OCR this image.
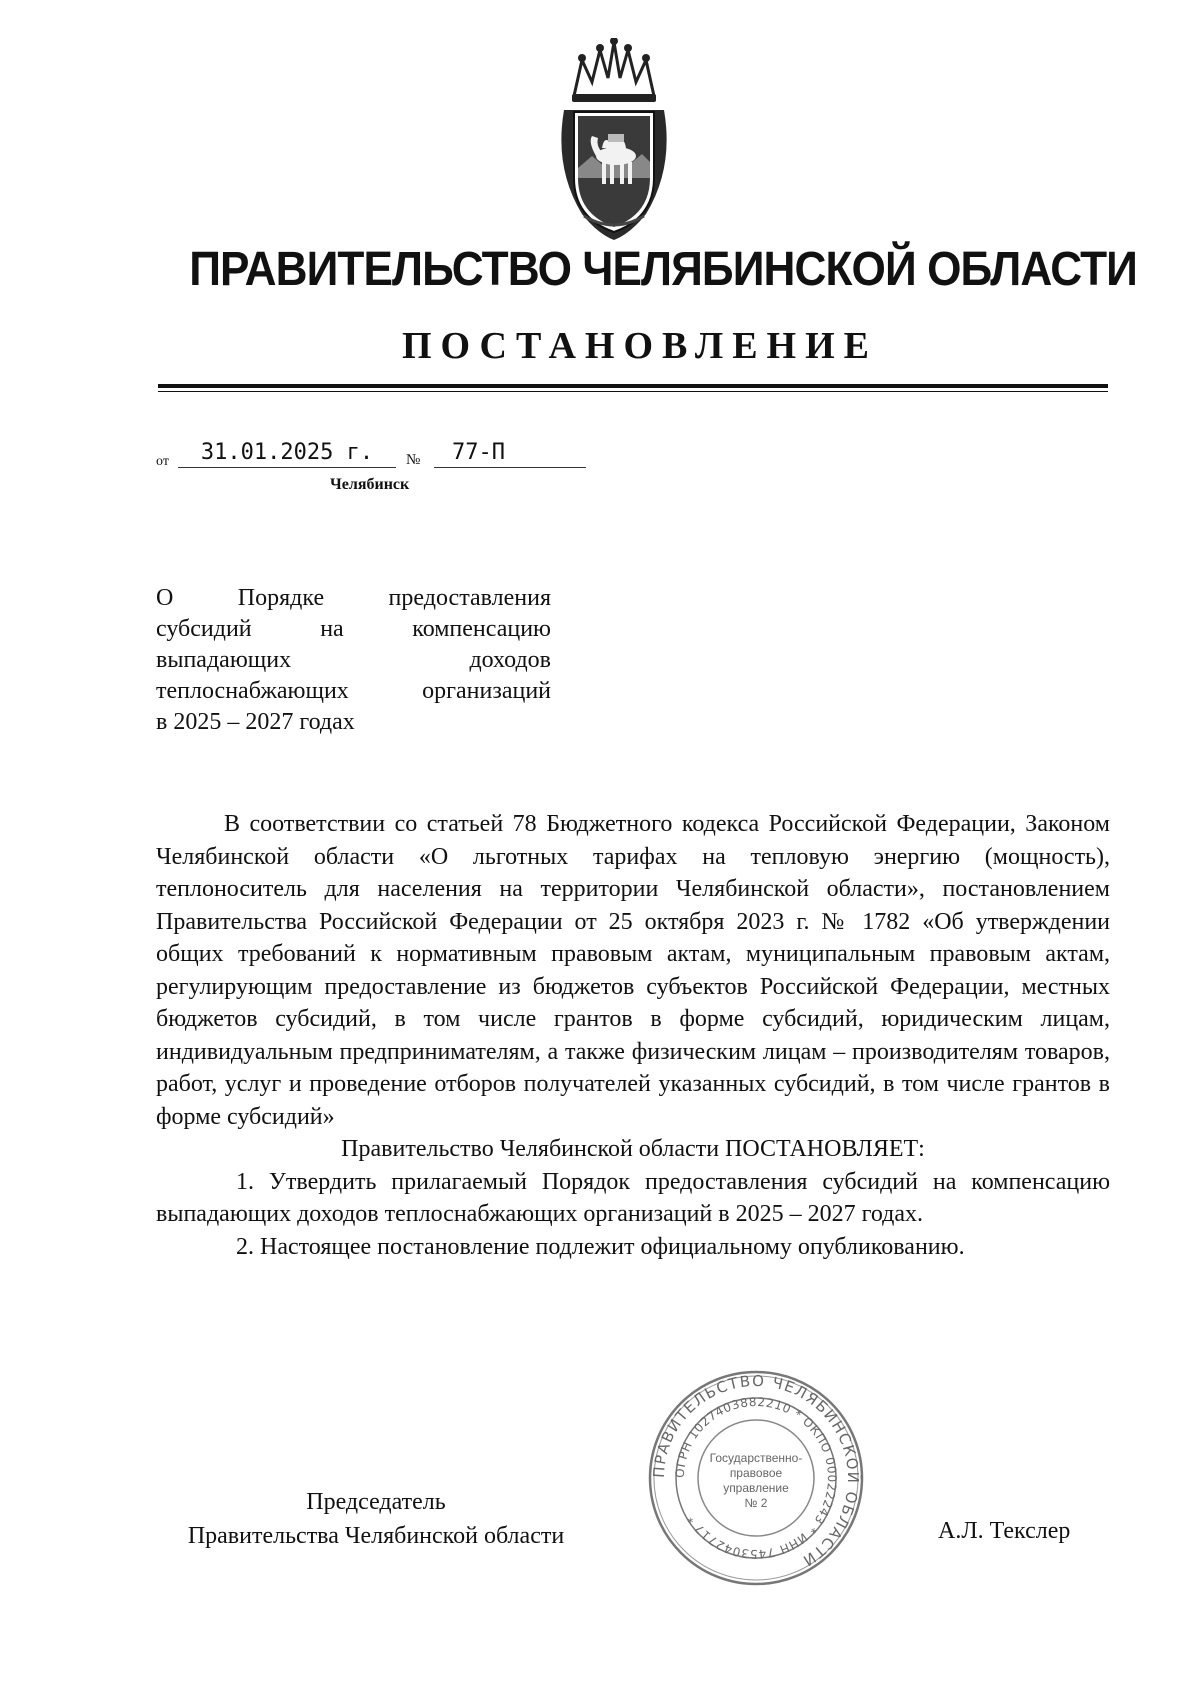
ПРАВИТЕЛЬСТВО ЧЕЛЯБИНСКОЙ ОБЛАСТИ
ПОСТАНОВЛЕНИЕ
от	31.01.2025 г.	№	77-П
Челябинск
О Порядке предоставления
субсидий на компенсацию
выпадающих доходов
теплоснабжающих организаций
в 2025 – 2027 годах

В соответствии со статьей 78 Бюджетного кодекса Российской Федерации, Законом Челябинской области «О льготных тарифах на тепловую энергию (мощность), теплоноситель для населения на территории Челябинской области», постановлением Правительства Российской Федерации от 25 октября 2023 г. № 1782 «Об утверждении общих требований к нормативным правовым актам, муниципальным правовым актам, регулирующим предоставление из бюджетов субъектов Российской Федерации, местных бюджетов субсидий, в том числе грантов в форме субсидий, юридическим лицам, индивидуальным предпринимателям, а также физическим лицам – производителям товаров, работ, услуг и проведение отборов получателей указанных субсидий, в том числе грантов в форме субсидий»

Правительство Челябинской области ПОСТАНОВЛЯЕТ:

1. Утвердить прилагаемый Порядок предоставления субсидий на компенсацию выпадающих доходов теплоснабжающих организаций в 2025 – 2027 годах.

2. Настоящее постановление подлежит официальному опубликованию.

Председатель
Правительства Челябинской области
ПРАВИТЕЛЬСТВО ЧЕЛЯБИНСКОЙ ОБЛАСТИ
ОГРН 1027403882210 * ОКПО 00022243 * ИНН 7453042717 *
Государственно-
правовое
управление
№ 2
А.Л. Текслер
